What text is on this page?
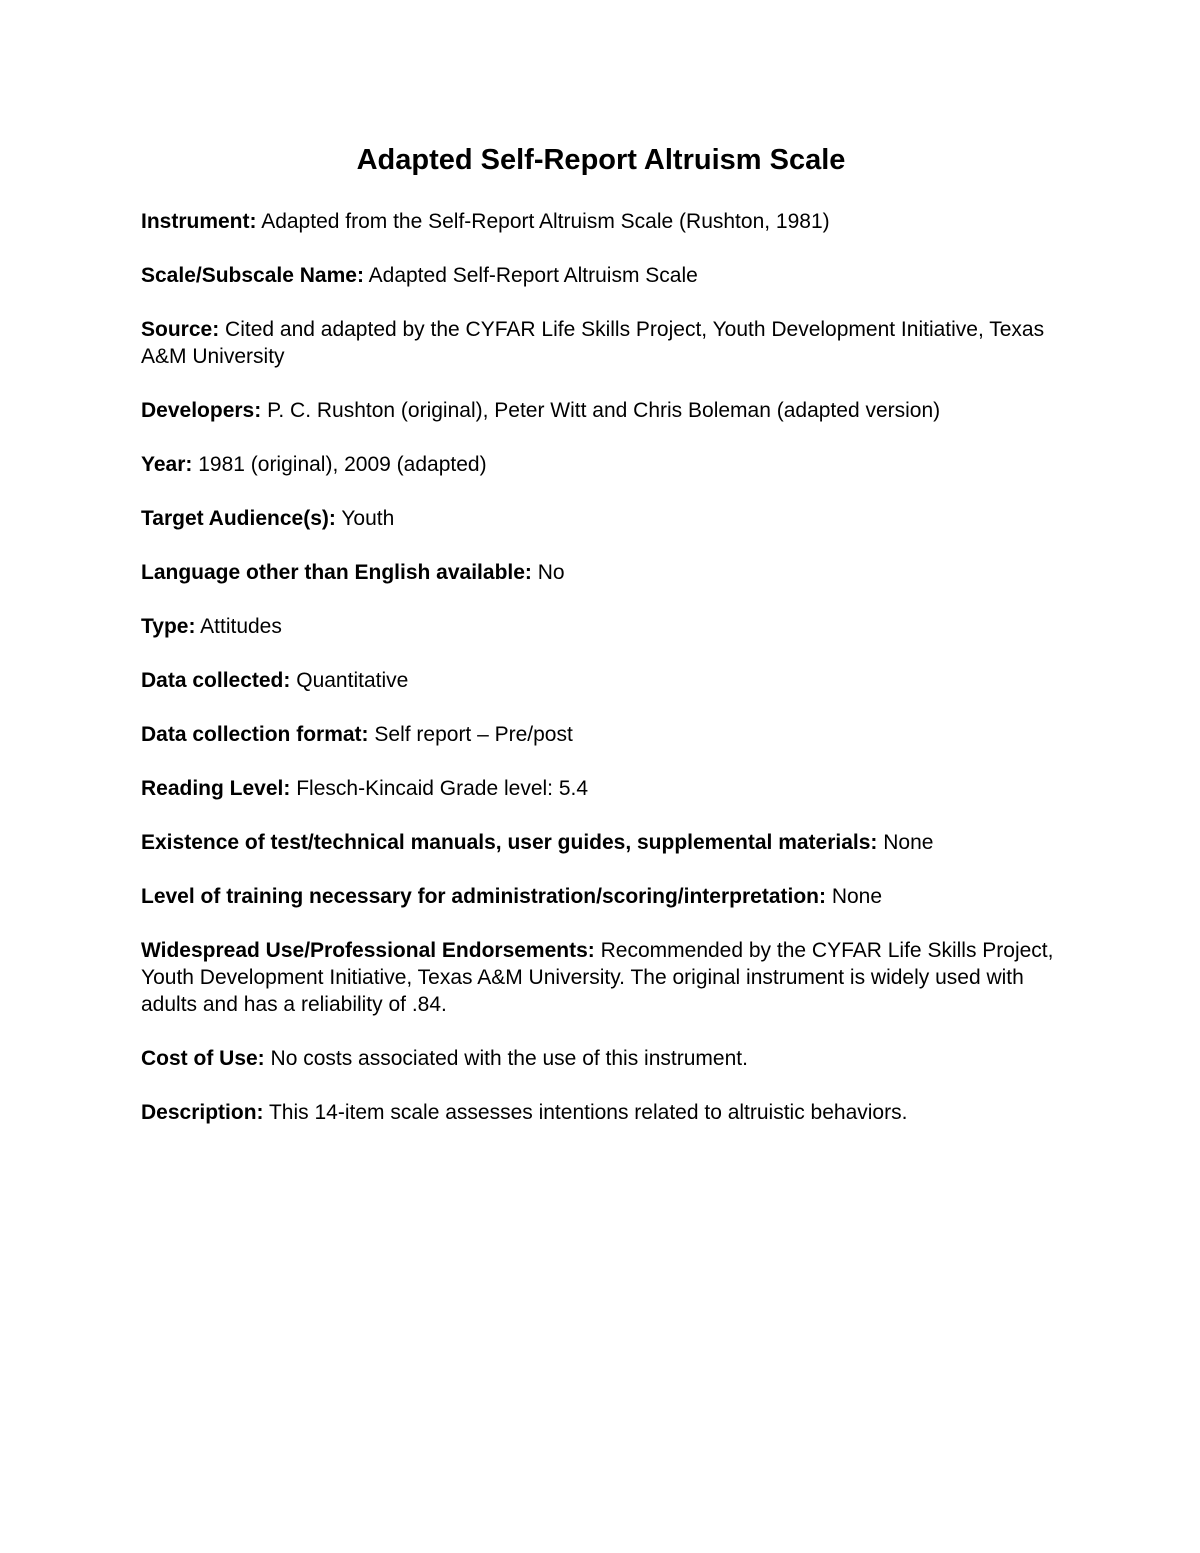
Adapted Self-Report Altruism Scale
Instrument: Adapted from the Self-Report Altruism Scale (Rushton, 1981)
Scale/Subscale Name: Adapted Self-Report Altruism Scale
Source: Cited and adapted by the CYFAR Life Skills Project, Youth Development Initiative, Texas A&M University
Developers: P. C. Rushton (original), Peter Witt and Chris Boleman (adapted version)
Year: 1981 (original), 2009 (adapted)
Target Audience(s): Youth
Language other than English available: No
Type: Attitudes
Data collected: Quantitative
Data collection format: Self report – Pre/post
Reading Level: Flesch-Kincaid Grade level: 5.4
Existence of test/technical manuals, user guides, supplemental materials: None
Level of training necessary for administration/scoring/interpretation: None
Widespread Use/Professional Endorsements: Recommended by the CYFAR Life Skills Project, Youth Development Initiative, Texas A&M University. The original instrument is widely used with adults and has a reliability of .84.
Cost of Use: No costs associated with the use of this instrument.
Description: This 14-item scale assesses intentions related to altruistic behaviors.
